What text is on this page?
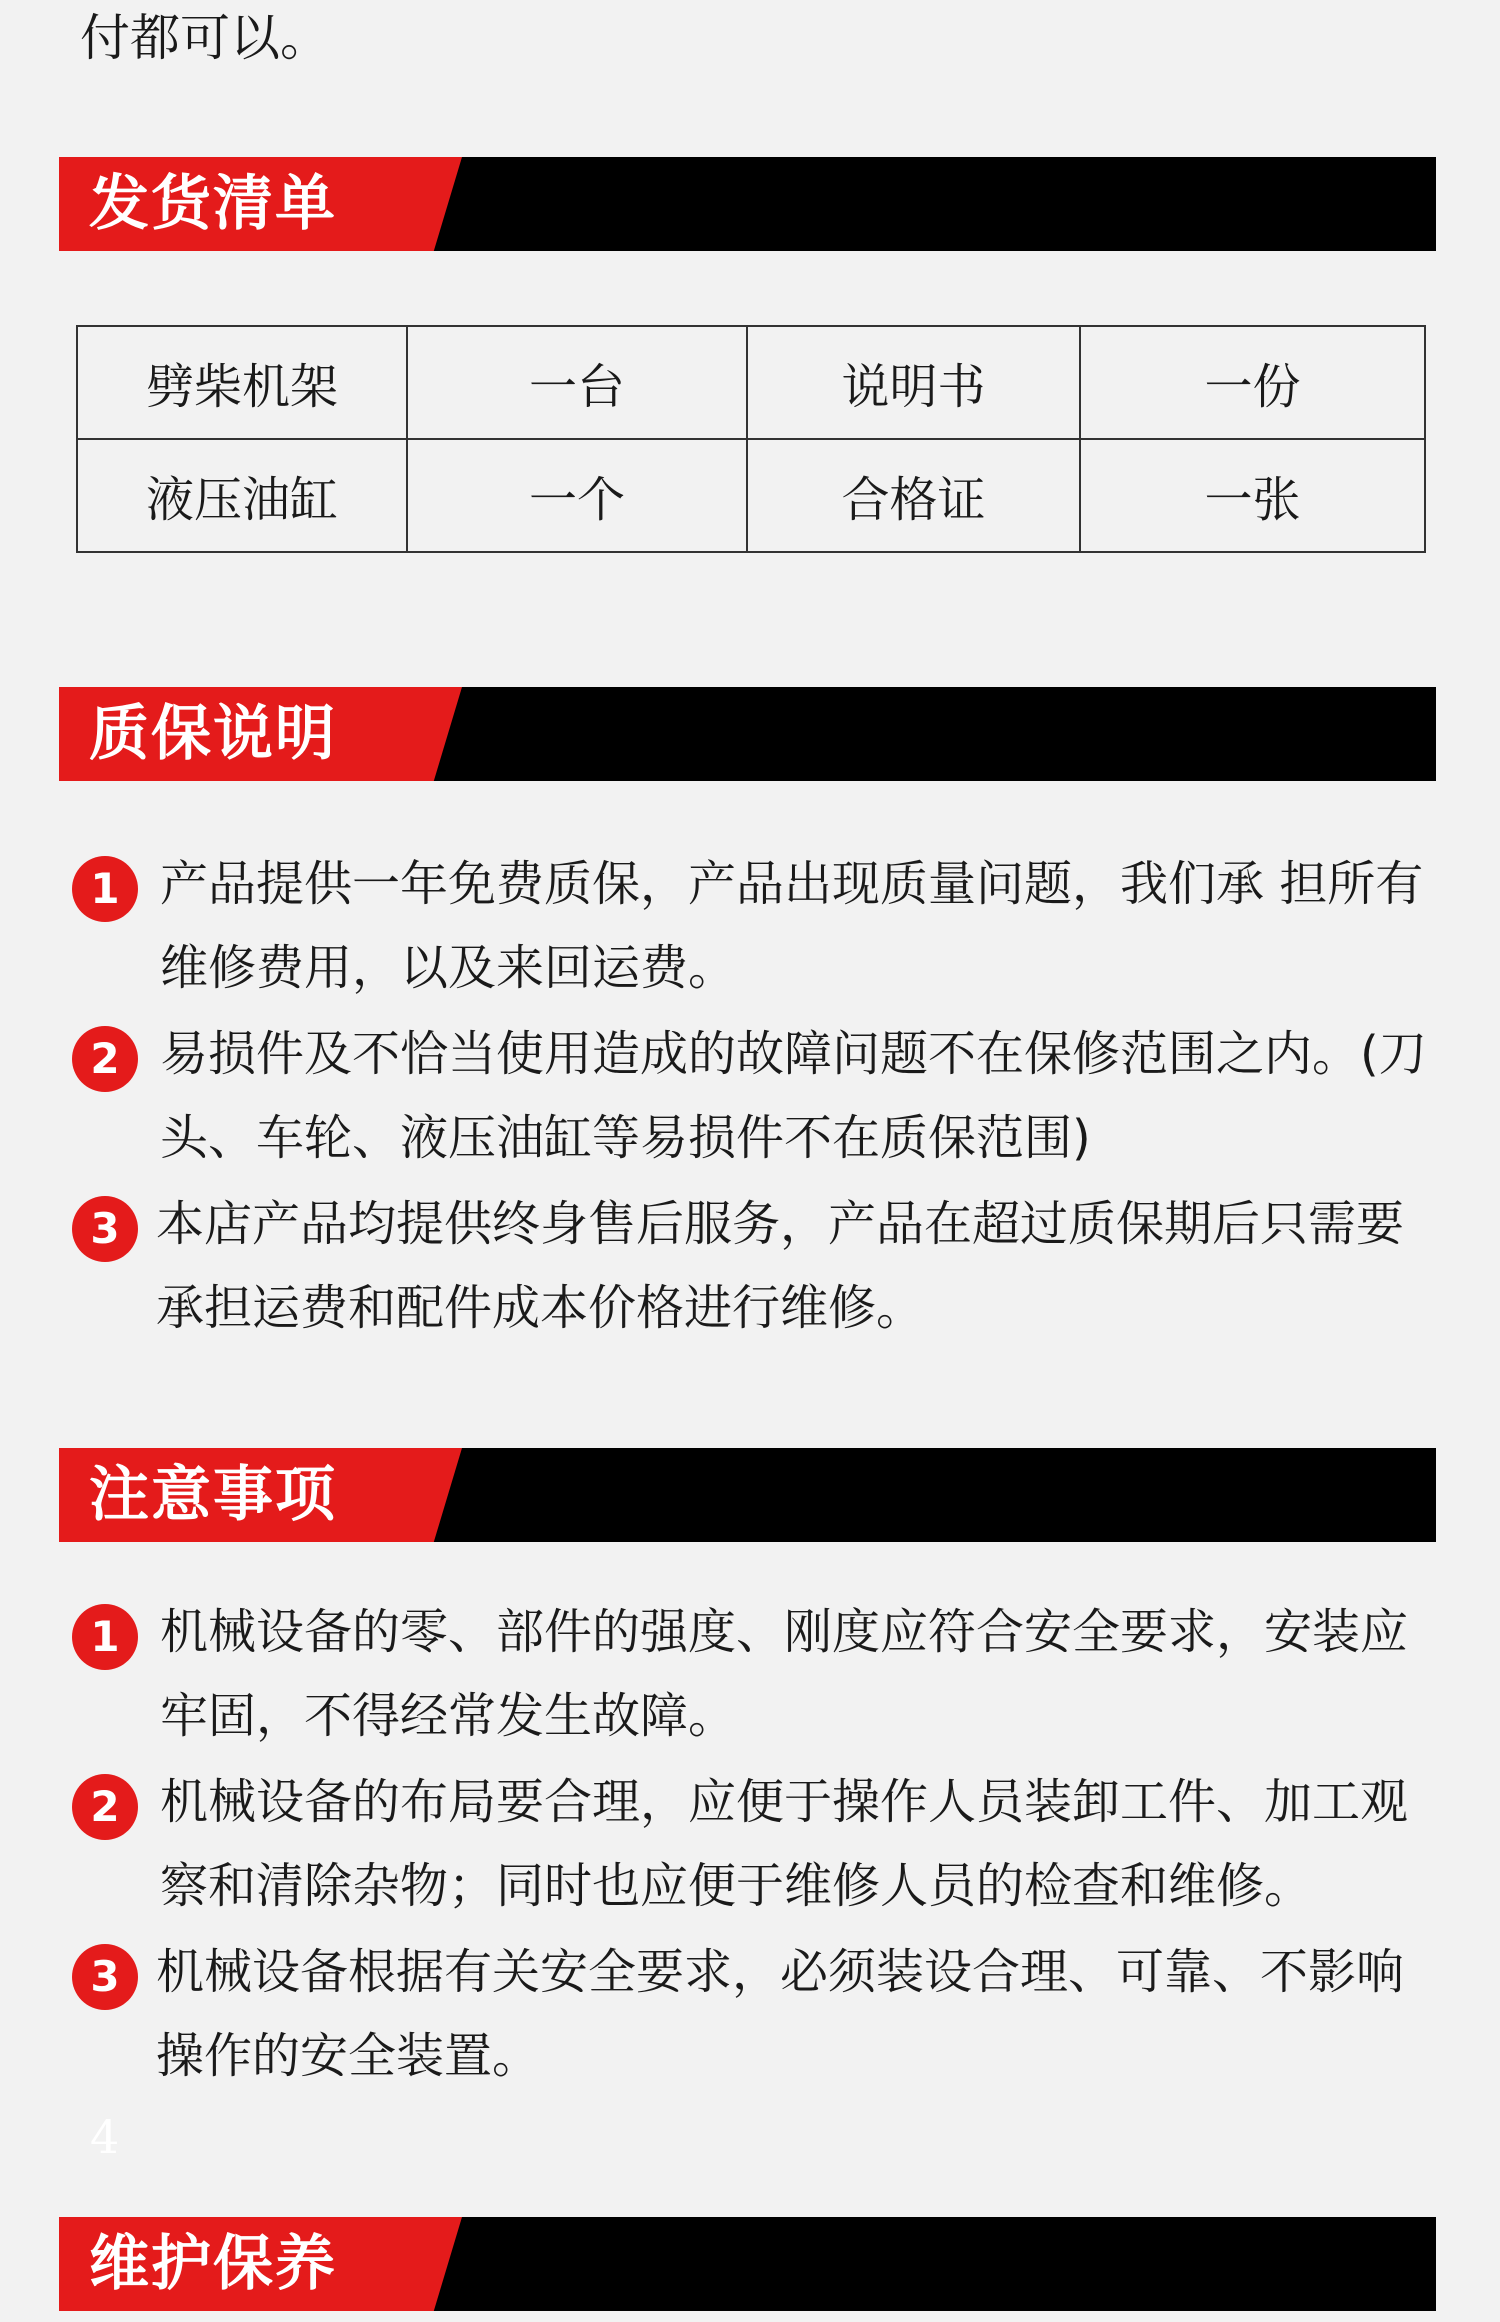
付都可以。
发货清单
劈柴机架	一台	说明书	一份
液压油缸	一个	合格证	一张
质保说明
1 产品提供一年免费质保，产品出现质量问题，我们承 担所有维修费用，以及来回运费。
2 易损件及不恰当使用造成的故障问题不在保修范围之内。(刀头、车轮、液压油缸等易损件不在质保范围)
3 本店产品均提供终身售后服务，产品在超过质保期后只需要承担运费和配件成本价格进行维修。
注意事项
1 机械设备的零、部件的强度、刚度应符合安全要求，安装应牢固，不得经常发生故障。
2 机械设备的布局要合理，应便于操作人员装卸工件、加工观察和清除杂物；同时也应便于维修人员的检查和维修。
3 机械设备根据有关安全要求，必须装设合理、可靠、不影响操作的安全装置。
4
维护保养
